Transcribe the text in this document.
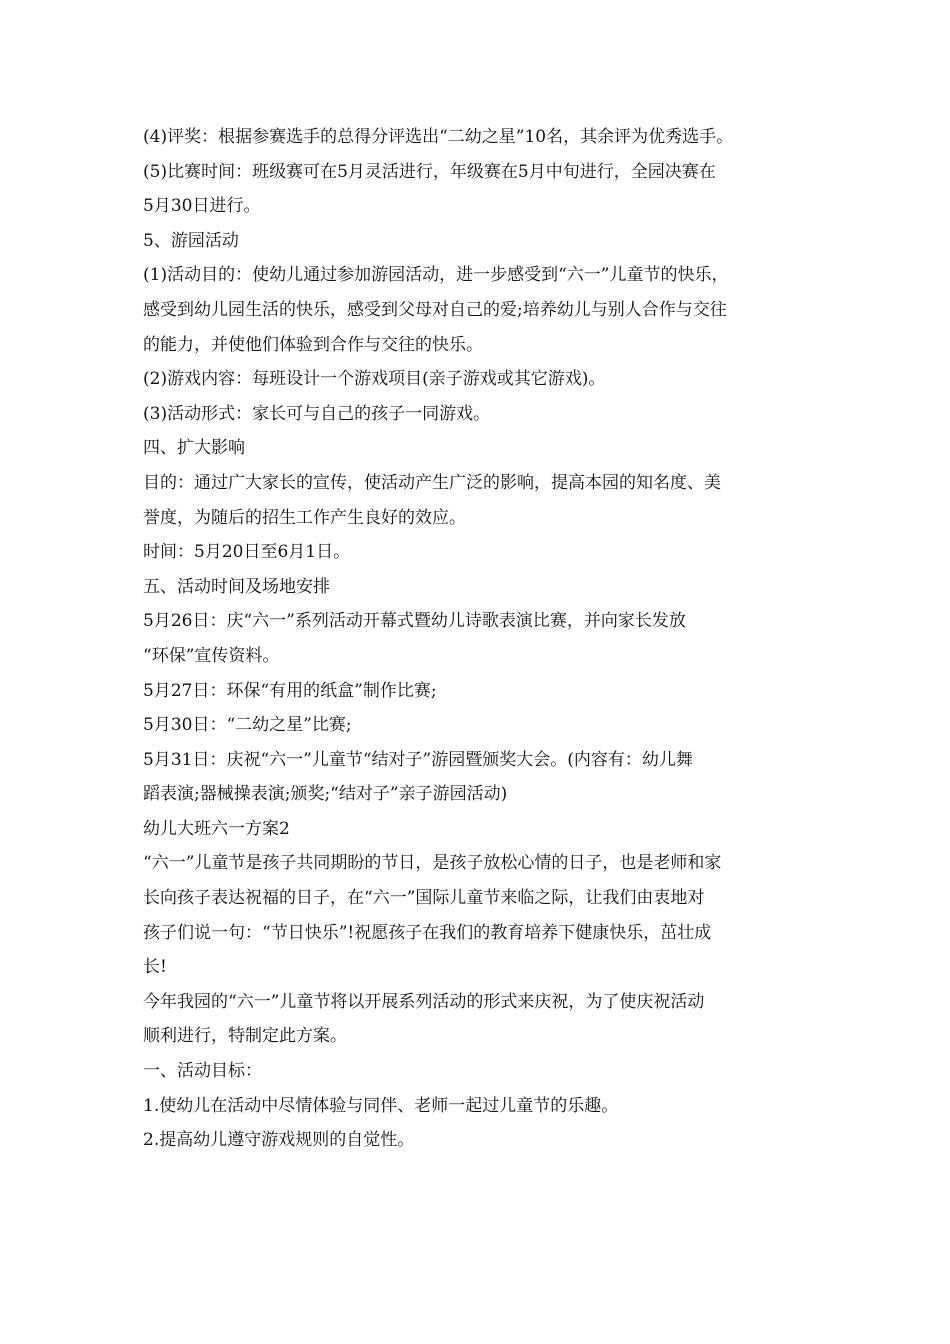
(4)评奖：根据参赛选手的总得分评选出“二幼之星”10名，其余评为优秀选手。
(5)比赛时间：班级赛可在5月灵活进行，年级赛在5月中旬进行，全园决赛在
5月30日进行。
5、游园活动
(1)活动目的：使幼儿通过参加游园活动，进一步感受到“六一”儿童节的快乐，
感受到幼儿园生活的快乐，感受到父母对自己的爱;培养幼儿与别人合作与交往
的能力，并使他们体验到合作与交往的快乐。
(2)游戏内容：每班设计一个游戏项目(亲子游戏或其它游戏)。
(3)活动形式：家长可与自己的孩子一同游戏。
四、扩大影响
目的：通过广大家长的宣传，使活动产生广泛的影响，提高本园的知名度、美
誉度，为随后的招生工作产生良好的效应。
时间：5月20日至6月1日。
五、活动时间及场地安排
5月26日：庆“六一”系列活动开幕式暨幼儿诗歌表演比赛，并向家长发放
“环保”宣传资料。
5月27日：环保“有用的纸盒”制作比赛;
5月30日：“二幼之星”比赛;
5月31日：庆祝“六一”儿童节“结对子”游园暨颁奖大会。(内容有：幼儿舞
蹈表演;器械操表演;颁奖;“结对子”亲子游园活动)
幼儿大班六一方案2
“六一”儿童节是孩子共同期盼的节日，是孩子放松心情的日子，也是老师和家
长向孩子表达祝福的日子，在“六一”国际儿童节来临之际，让我们由衷地对
孩子们说一句：“节日快乐”!祝愿孩子在我们的教育培养下健康快乐，茁壮成
长!
今年我园的“六一”儿童节将以开展系列活动的形式来庆祝，为了使庆祝活动
顺利进行，特制定此方案。
一、活动目标：
1.使幼儿在活动中尽情体验与同伴、老师一起过儿童节的乐趣。
2.提高幼儿遵守游戏规则的自觉性。
